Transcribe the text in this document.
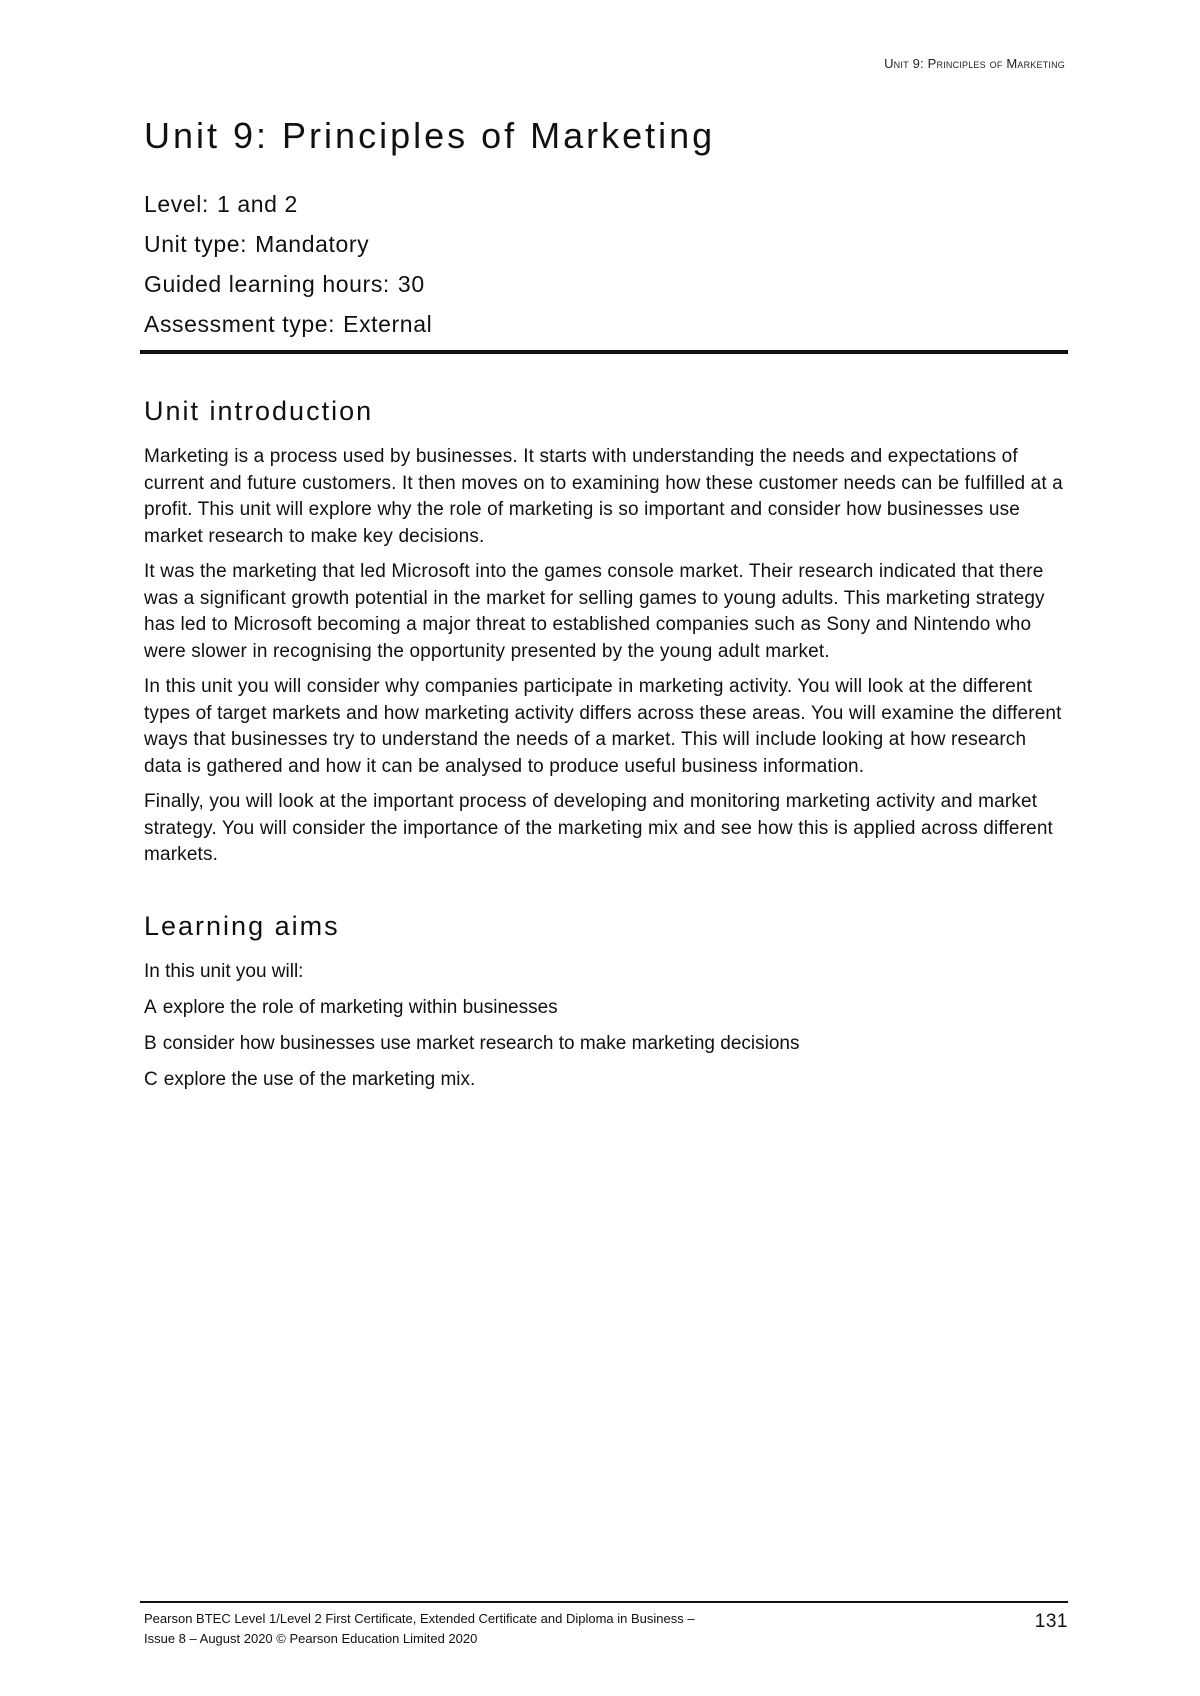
Unit 9: Principles of Marketing
Unit 9: Principles of Marketing
Level: 1 and 2
Unit type: Mandatory
Guided learning hours: 30
Assessment type: External
Unit introduction

Marketing is a process used by businesses. It starts with understanding the needs and expectations of current and future customers. It then moves on to examining how these customer needs can be fulfilled at a profit. This unit will explore why the role of marketing is so important and consider how businesses use market research to make key decisions.

It was the marketing that led Microsoft into the games console market. Their research indicated that there was a significant growth potential in the market for selling games to young adults. This marketing strategy has led to Microsoft becoming a major threat to established companies such as Sony and Nintendo who were slower in recognising the opportunity presented by the young adult market.

In this unit you will consider why companies participate in marketing activity. You will look at the different types of target markets and how marketing activity differs across these areas. You will examine the different ways that businesses try to understand the needs of a market. This will include looking at how research data is gathered and how it can be analysed to produce useful business information.

Finally, you will look at the important process of developing and monitoring marketing activity and market strategy. You will consider the importance of the marketing mix and see how this is applied across different markets.

Learning aims

In this unit you will:

A explore the role of marketing within businesses
B consider how businesses use market research to make marketing decisions
C explore the use of the marketing mix.
Pearson BTEC Level 1/Level 2 First Certificate, Extended Certificate and Diploma in Business –
Issue 8 – August 2020 © Pearson Education Limited 2020
131
